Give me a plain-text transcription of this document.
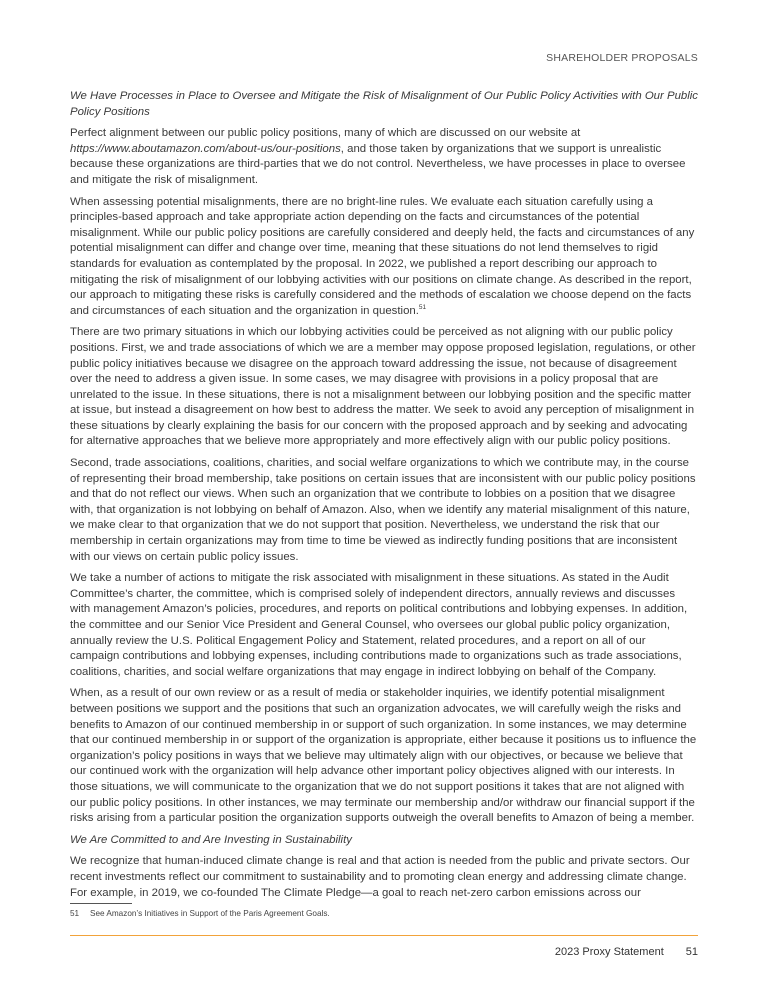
SHAREHOLDER PROPOSALS

We Have Processes in Place to Oversee and Mitigate the Risk of Misalignment of Our Public Policy Activities with Our Public Policy Positions

Perfect alignment between our public policy positions, many of which are discussed on our website at https://www.aboutamazon.com/about-us/our-positions, and those taken by organizations that we support is unrealistic because these organizations are third-parties that we do not control. Nevertheless, we have processes in place to oversee and mitigate the risk of misalignment.

When assessing potential misalignments, there are no bright-line rules. We evaluate each situation carefully using a principles-based approach and take appropriate action depending on the facts and circumstances of the potential misalignment. While our public policy positions are carefully considered and deeply held, the facts and circumstances of any potential misalignment can differ and change over time, meaning that these situations do not lend themselves to rigid standards for evaluation as contemplated by the proposal. In 2022, we published a report describing our approach to mitigating the risk of misalignment of our lobbying activities with our positions on climate change. As described in the report, our approach to mitigating these risks is carefully considered and the methods of escalation we choose depend on the facts and circumstances of each situation and the organization in question.$^{51}$

There are two primary situations in which our lobbying activities could be perceived as not aligning with our public policy positions. First, we and trade associations of which we are a member may oppose proposed legislation, regulations, or other public policy initiatives because we disagree on the approach toward addressing the issue, not because of disagreement over the need to address a given issue. In some cases, we may disagree with provisions in a policy proposal that are unrelated to the issue. In these situations, there is not a misalignment between our lobbying position and the specific matter at issue, but instead a disagreement on how best to address the matter. We seek to avoid any perception of misalignment in these situations by clearly explaining the basis for our concern with the proposed approach and by seeking and advocating for alternative approaches that we believe more appropriately and more effectively align with our public policy positions.

Second, trade associations, coalitions, charities, and social welfare organizations to which we contribute may, in the course of representing their broad membership, take positions on certain issues that are inconsistent with our public policy positions and that do not reflect our views. When such an organization that we contribute to lobbies on a position that we disagree with, that organization is not lobbying on behalf of Amazon. Also, when we identify any material misalignment of this nature, we make clear to that organization that we do not support that position. Nevertheless, we understand the risk that our membership in certain organizations may from time to time be viewed as indirectly funding positions that are inconsistent with our views on certain public policy issues.

We take a number of actions to mitigate the risk associated with misalignment in these situations. As stated in the Audit Committee’s charter, the committee, which is comprised solely of independent directors, annually reviews and discusses with management Amazon’s policies, procedures, and reports on political contributions and lobbying expenses. In addition, the committee and our Senior Vice President and General Counsel, who oversees our global public policy organization, annually review the U.S. Political Engagement Policy and Statement, related procedures, and a report on all of our campaign contributions and lobbying expenses, including contributions made to organizations such as trade associations, coalitions, charities, and social welfare organizations that may engage in indirect lobbying on behalf of the Company.

When, as a result of our own review or as a result of media or stakeholder inquiries, we identify potential misalignment between positions we support and the positions that such an organization advocates, we will carefully weigh the risks and benefits to Amazon of our continued membership in or support of such organization. In some instances, we may determine that our continued membership in or support of the organization is appropriate, either because it positions us to influence the organization’s policy positions in ways that we believe may ultimately align with our objectives, or because we believe that our continued work with the organization will help advance other important policy objectives aligned with our interests. In those situations, we will communicate to the organization that we do not support positions it takes that are not aligned with our public policy positions. In other instances, we may terminate our membership and/or withdraw our financial support if the risks arising from a particular position the organization supports outweigh the overall benefits to Amazon of being a member.

We Are Committed to and Are Investing in Sustainability

We recognize that human-induced climate change is real and that action is needed from the public and private sectors. Our recent investments reflect our commitment to sustainability and to promoting clean energy and addressing climate change. For example, in 2019, we co-founded The Climate Pledge—a goal to reach net-zero carbon emissions across our

51 See Amazon’s Initiatives in Support of the Paris Agreement Goals.
2023 Proxy Statement 51
